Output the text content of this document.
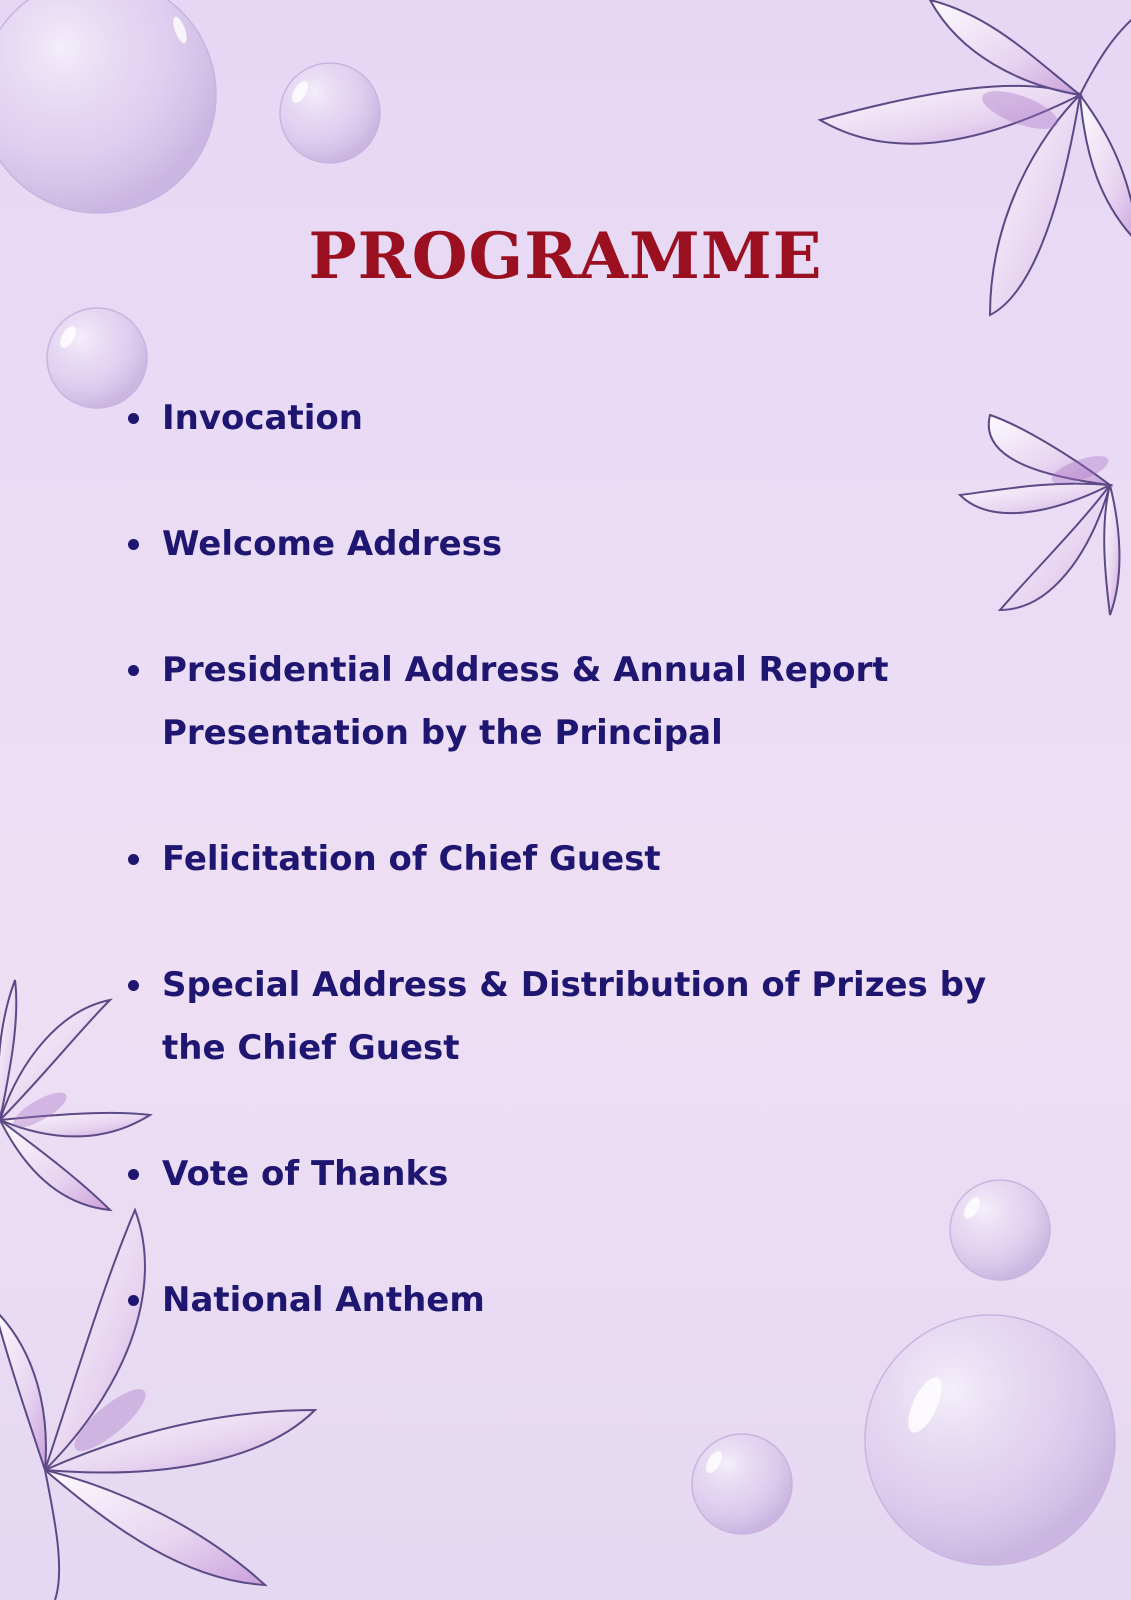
PROGRAMME
Invocation
Welcome Address
Presidential Address & Annual Report Presentation by the Principal
Felicitation of Chief Guest
Special Address & Distribution of Prizes by the Chief Guest
Vote of Thanks
National Anthem
